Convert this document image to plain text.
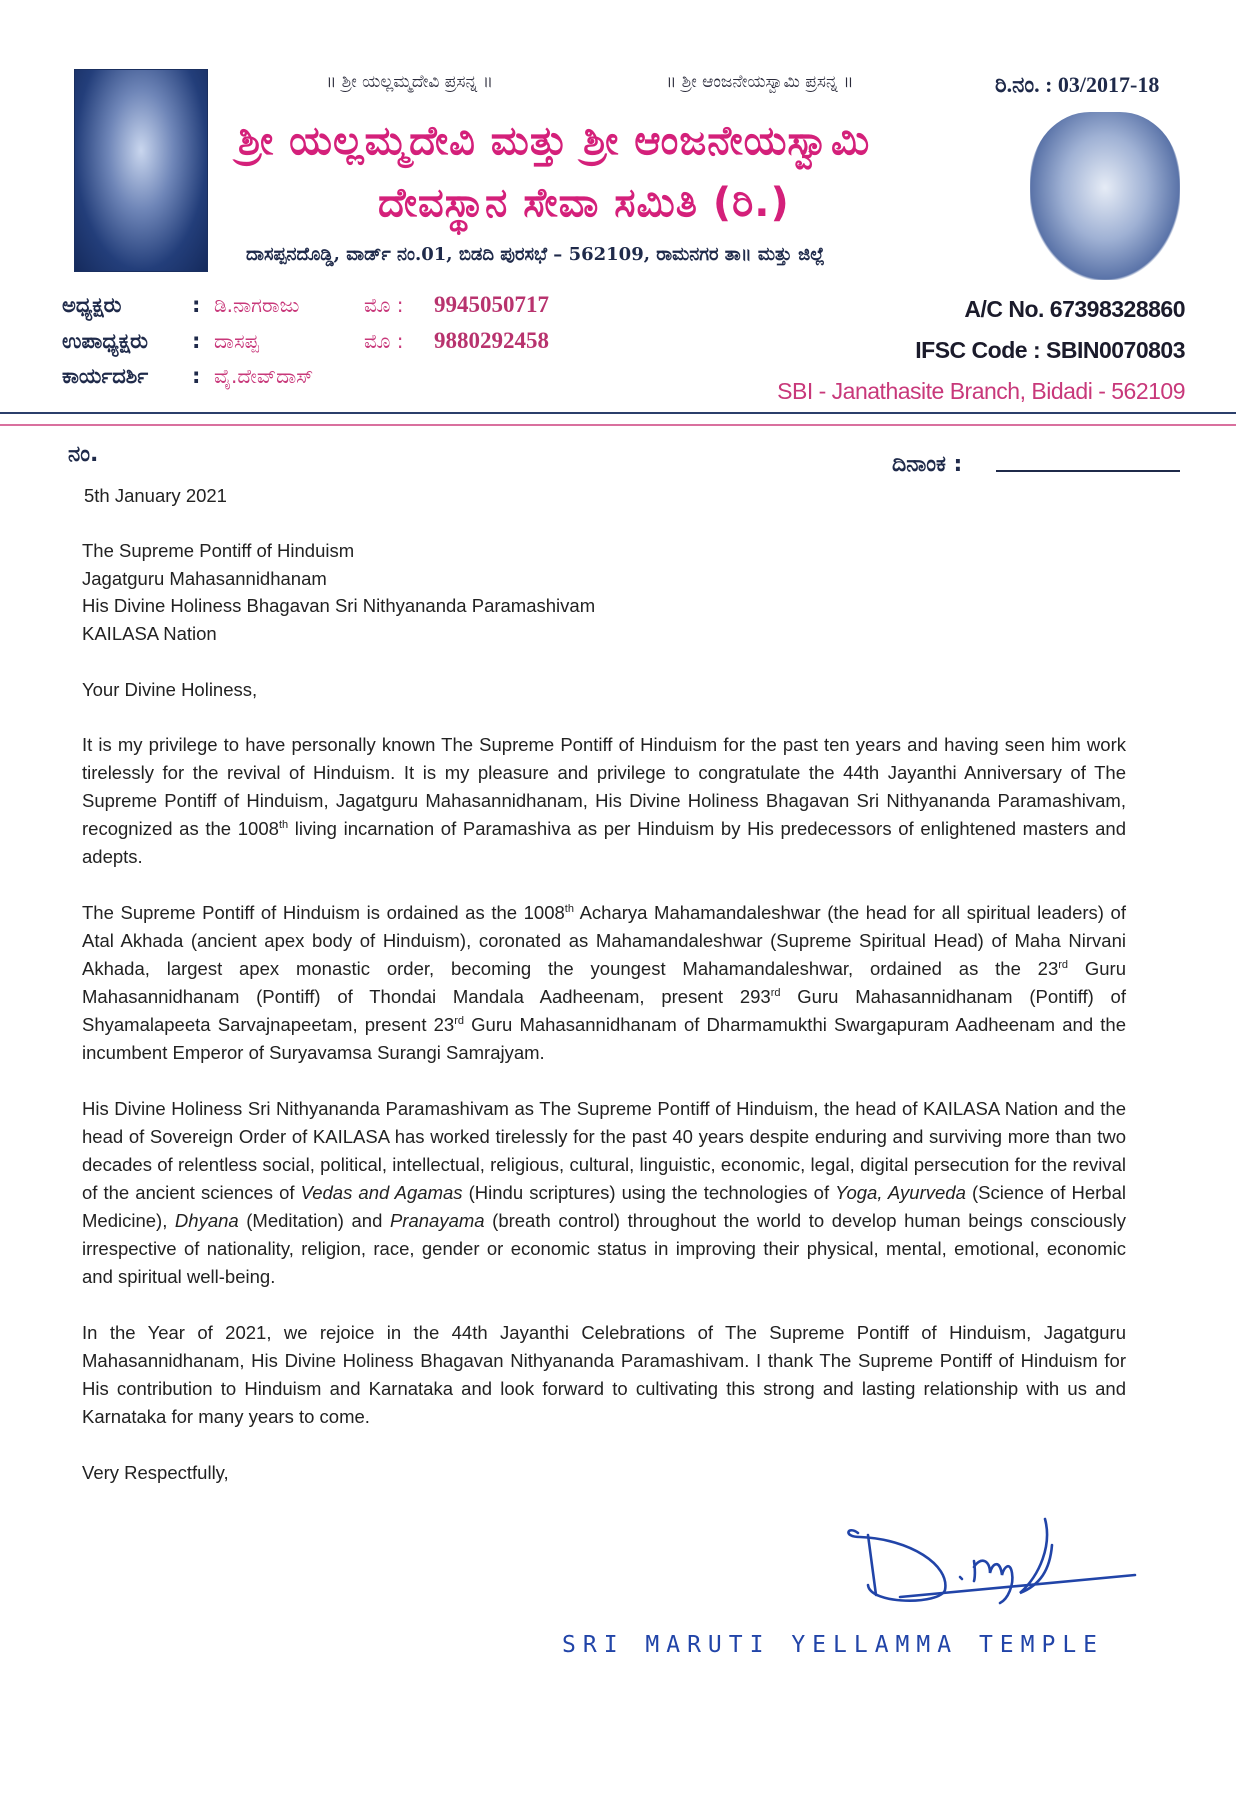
॥ ಶ್ರೀ ಯಲ್ಲಮ್ಮದೇವಿ ಪ್ರಸನ್ನ ॥	॥ ಶ್ರೀ ಆಂಜನೇಯಸ್ವಾಮಿ ಪ್ರಸನ್ನ ॥	ರಿ.ನಂ. : 03/2017-18
ಶ್ರೀ ಯಲ್ಲಮ್ಮದೇವಿ ಮತ್ತು ಶ್ರೀ ಆಂಜನೇಯಸ್ವಾಮಿ
ದೇವಸ್ಥಾನ ಸೇವಾ ಸಮಿತಿ (ರಿ.)
ದಾಸಪ್ಪನದೊಡ್ಡಿ, ವಾರ್ಡ್ ನಂ.01, ಬಿಡದಿ ಪುರಸಭೆ – 562109, ರಾಮನಗರ ತಾ॥ ಮತ್ತು ಜಿಲ್ಲೆ
ಅಧ್ಯಕ್ಷರು	: ಡಿ.ನಾಗರಾಜು	ಮೊ :	9945050717
ಉಪಾಧ್ಯಕ್ಷರು	: ದಾಸಪ್ಪ	ಮೊ :	9880292458
ಕಾರ್ಯದರ್ಶಿ	: ವೈ.ದೇವ್‌ದಾಸ್
A/C No. 67398328860
IFSC Code : SBIN0070803
SBI - Janathasite Branch, Bidadi - 562109
ನಂ.	ದಿನಾಂಕ :
5th January 2021
The Supreme Pontiff of Hinduism
Jagatguru Mahasannidhanam
His Divine Holiness Bhagavan Sri Nithyananda Paramashivam
KAILASA Nation
Your Divine Holiness,

It is my privilege to have personally known The Supreme Pontiff of Hinduism for the past ten years and having seen him work tirelessly for the revival of Hinduism. It is my pleasure and privilege to congratulate the 44th Jayanthi Anniversary of The Supreme Pontiff of Hinduism, Jagatguru Mahasannidhanam, His Divine Holiness Bhagavan Sri Nithyananda Paramashivam, recognized as the 1008th living incarnation of Paramashiva as per Hinduism by His predecessors of enlightened masters and adepts.

The Supreme Pontiff of Hinduism is ordained as the 1008th Acharya Mahamandaleshwar (the head for all spiritual leaders) of Atal Akhada (ancient apex body of Hinduism), coronated as Mahamandaleshwar (Supreme Spiritual Head) of Maha Nirvani Akhada, largest apex monastic order, becoming the youngest Mahamandaleshwar, ordained as the 23rd Guru Mahasannidhanam (Pontiff) of Thondai Mandala Aadheenam, present 293rd Guru Mahasannidhanam (Pontiff) of Shyamalapeeta Sarvajnapeetam, present 23rd Guru Mahasannidhanam of Dharmamukthi Swargapuram Aadheenam and the incumbent Emperor of Suryavamsa Surangi Samrajyam.

His Divine Holiness Sri Nithyananda Paramashivam as The Supreme Pontiff of Hinduism, the head of KAILASA Nation and the head of Sovereign Order of KAILASA has worked tirelessly for the past 40 years despite enduring and surviving more than two decades of relentless social, political, intellectual, religious, cultural, linguistic, economic, legal, digital persecution for the revival of the ancient sciences of Vedas and Agamas (Hindu scriptures) using the technologies of Yoga, Ayurveda (Science of Herbal Medicine), Dhyana (Meditation) and Pranayama (breath control) throughout the world to develop human beings consciously irrespective of nationality, religion, race, gender or economic status in improving their physical, mental, emotional, economic and spiritual well-being.

In the Year of 2021, we rejoice in the 44th Jayanthi Celebrations of The Supreme Pontiff of Hinduism, Jagatguru Mahasannidhanam, His Divine Holiness Bhagavan Nithyananda Paramashivam. I thank The Supreme Pontiff of Hinduism for His contribution to Hinduism and Karnataka and look forward to cultivating this strong and lasting relationship with us and Karnataka for many years to come.

Very Respectfully,

SRI MARUTI YELLAMMA TEMPLE
